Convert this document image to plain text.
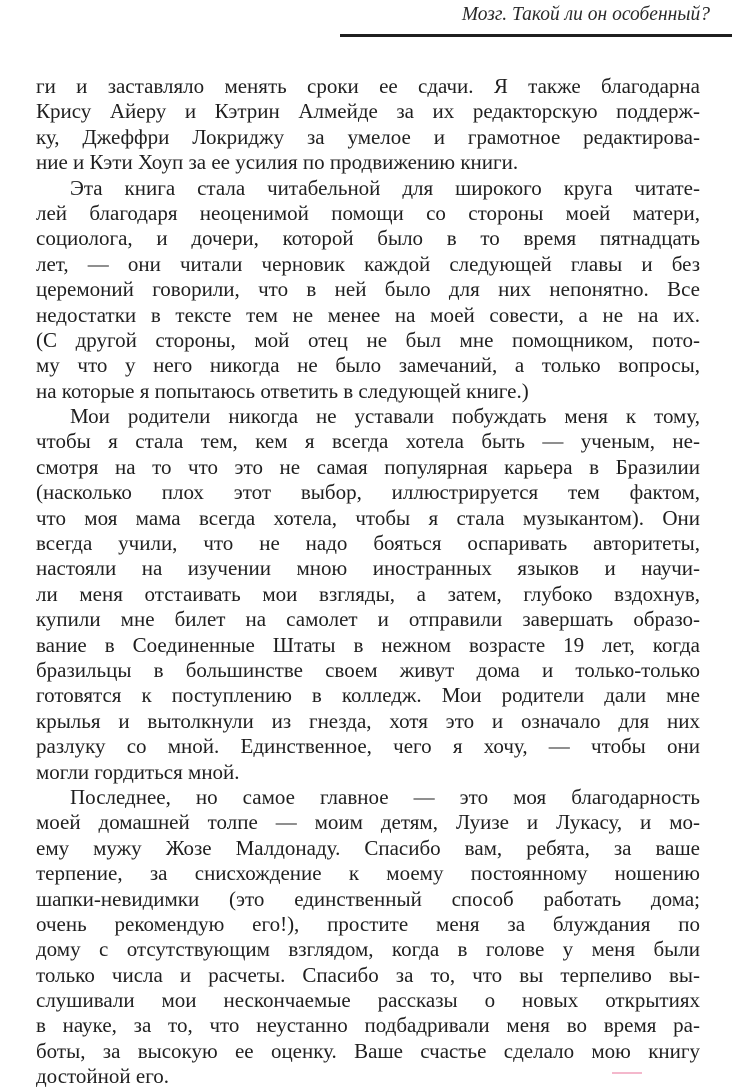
Мозг. Такой ли он особенный?
ги и заставляло менять сроки ее сдачи. Я также благодарна
Крису Айеру и Кэтрин Алмейде за их редакторскую поддерж-
ку, Джеффри Локриджу за умелое и грамотное редактирова-
ние и Кэти Хоуп за ее усилия по продвижению книги.
Эта книга стала читабельной для широкого круга читате-
лей благодаря неоценимой помощи со стороны моей матери,
социолога, и дочери, которой было в то время пятнадцать
лет, — они читали черновик каждой следующей главы и без
церемоний говорили, что в ней было для них непонятно. Все
недостатки в тексте тем не менее на моей совести, а не на их.
(С другой стороны, мой отец не был мне помощником, пото-
му что у него никогда не было замечаний, а только вопросы,
на которые я попытаюсь ответить в следующей книге.)
Мои родители никогда не уставали побуждать меня к тому,
чтобы я стала тем, кем я всегда хотела быть — ученым, не-
смотря на то что это не самая популярная карьера в Бразилии
(насколько плох этот выбор, иллюстрируется тем фактом,
что моя мама всегда хотела, чтобы я стала музыкантом). Они
всегда учили, что не надо бояться оспаривать авторитеты,
настояли на изучении мною иностранных языков и научи-
ли меня отстаивать мои взгляды, а затем, глубоко вздохнув,
купили мне билет на самолет и отправили завершать образо-
вание в Соединенные Штаты в нежном возрасте 19 лет, когда
бразильцы в большинстве своем живут дома и только-только
готовятся к поступлению в колледж. Мои родители дали мне
крылья и вытолкнули из гнезда, хотя это и означало для них
разлуку со мной. Единственное, чего я хочу, — чтобы они
могли гордиться мной.
Последнее, но самое главное — это моя благодарность
моей домашней толпе — моим детям, Луизе и Лукасу, и мо-
ему мужу Жозе Малдонаду. Спасибо вам, ребята, за ваше
терпение, за снисхождение к моему постоянному ношению
шапки-невидимки (это единственный способ работать дома;
очень рекомендую его!), простите меня за блуждания по
дому с отсутствующим взглядом, когда в голове у меня были
только числа и расчеты. Спасибо за то, что вы терпеливо вы-
слушивали мои нескончаемые рассказы о новых открытиях
в науке, за то, что неустанно подбадривали меня во время ра-
боты, за высокую ее оценку. Ваше счастье сделало мою книгу
достойной его.
